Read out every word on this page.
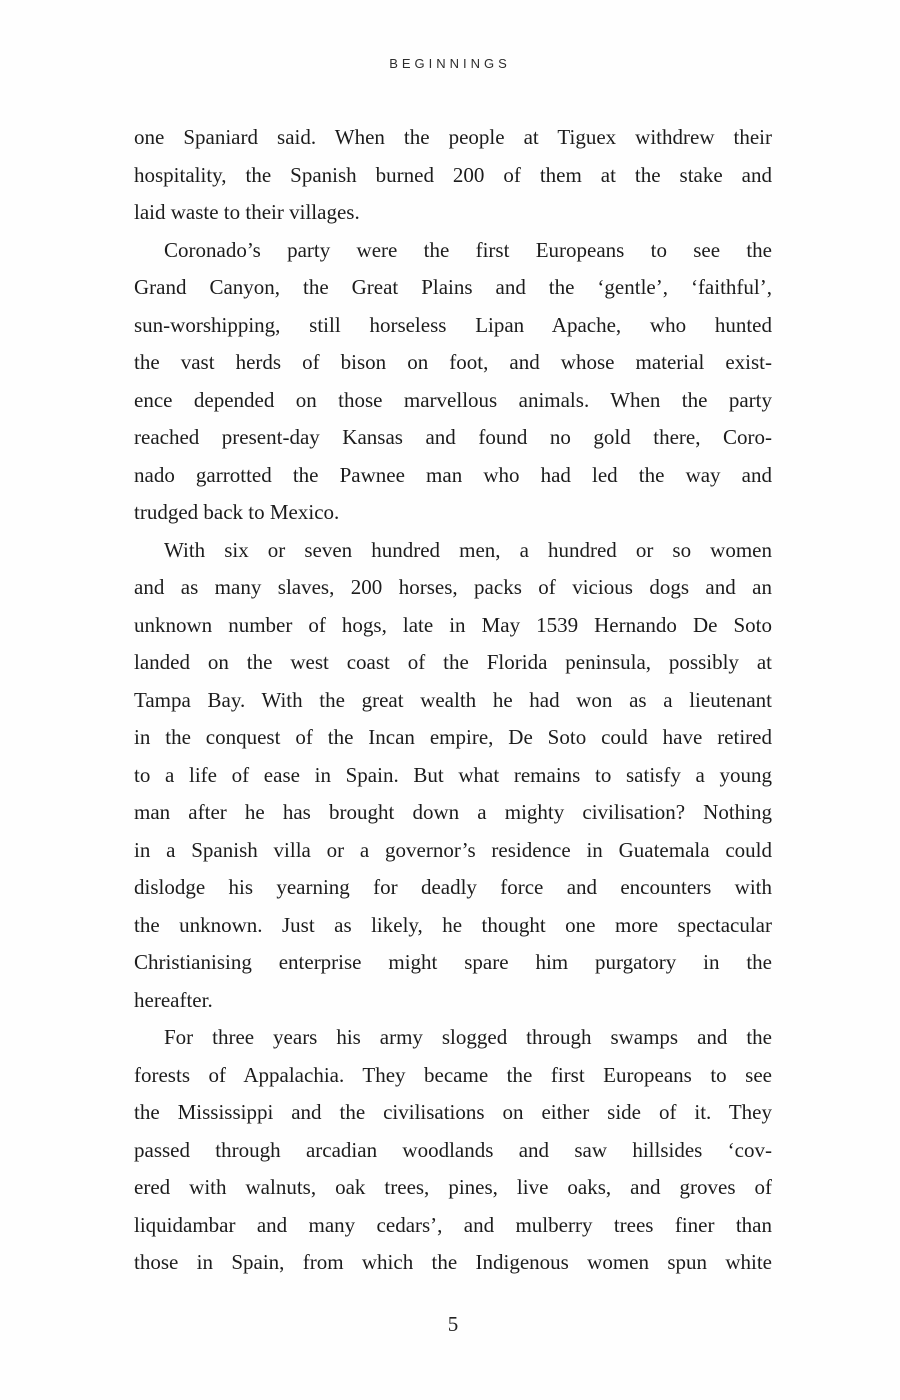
BEGINNINGS

one Spaniard said. When the people at Tiguex withdrew their
hospitality, the Spanish burned 200 of them at the stake and
laid waste to their villages.

Coronado’s party were the first Europeans to see the
Grand Canyon, the Great Plains and the ‘gentle’, ‘faithful’,
sun-worshipping, still horseless Lipan Apache, who hunted
the vast herds of bison on foot, and whose material exist-
ence depended on those marvellous animals. When the party
reached present-day Kansas and found no gold there, Coro-
nado garrotted the Pawnee man who had led the way and
trudged back to Mexico.

With six or seven hundred men, a hundred or so women
and as many slaves, 200 horses, packs of vicious dogs and an
unknown number of hogs, late in May 1539 Hernando De Soto
landed on the west coast of the Florida peninsula, possibly at
Tampa Bay. With the great wealth he had won as a lieutenant
in the conquest of the Incan empire, De Soto could have retired
to a life of ease in Spain. But what remains to satisfy a young
man after he has brought down a mighty civilisation? Nothing
in a Spanish villa or a governor’s residence in Guatemala could
dislodge his yearning for deadly force and encounters with
the unknown. Just as likely, he thought one more spectacular
Christianising enterprise might spare him purgatory in the
hereafter.

For three years his army slogged through swamps and the
forests of Appalachia. They became the first Europeans to see
the Mississippi and the civilisations on either side of it. They
passed through arcadian woodlands and saw hillsides ‘cov-
ered with walnuts, oak trees, pines, live oaks, and groves of
liquidambar and many cedars’, and mulberry trees finer than
those in Spain, from which the Indigenous women spun white

5
